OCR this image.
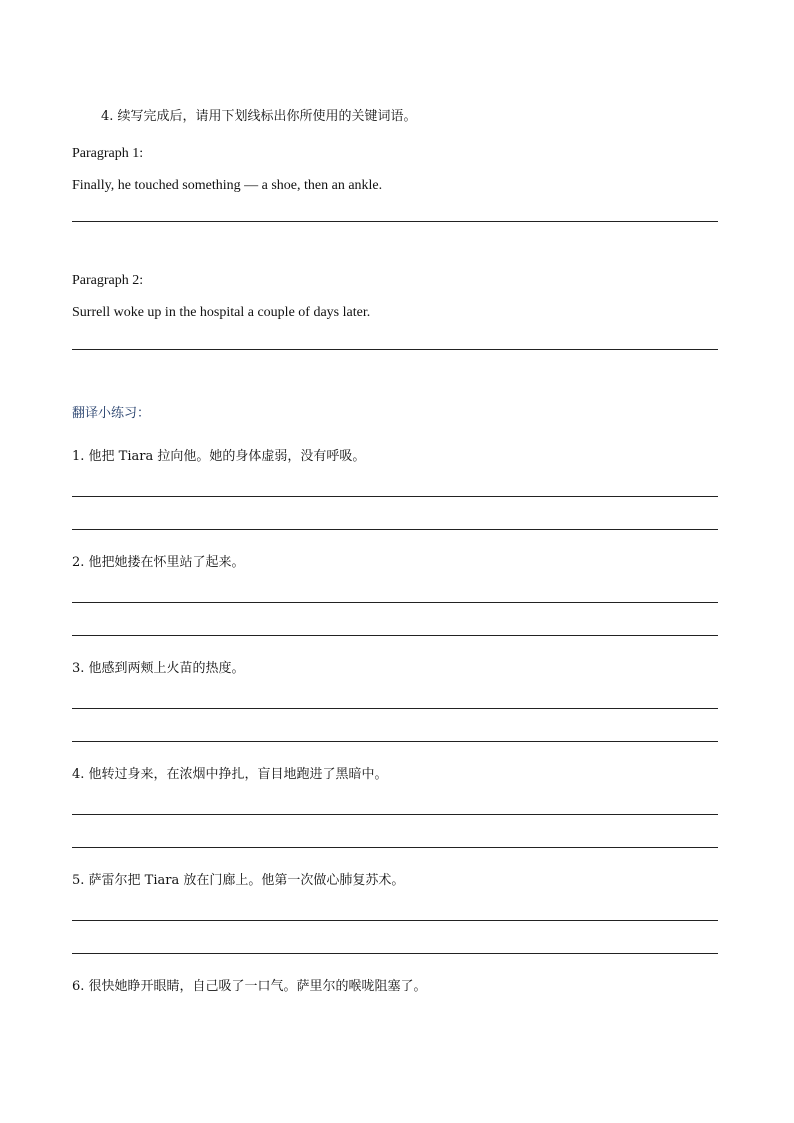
4. 续写完成后，请用下划线标出你所使用的关键词语。
Paragraph 1:
Finally, he touched something — a shoe, then an ankle.
Paragraph 2:
Surrell woke up in the hospital a couple of days later.
翻译小练习：
1. 他把 Tiara 拉向他。她的身体虚弱，没有呼吸。
2. 他把她搂在怀里站了起来。
3. 他感到两颊上火苗的热度。
4. 他转过身来，在浓烟中挣扎，盲目地跑进了黑暗中。
5. 萨雷尔把 Tiara 放在门廊上。他第一次做心肺复苏术。
6. 很快她睁开眼睛，自己吸了一口气。萨里尔的喉咙阻塞了。
